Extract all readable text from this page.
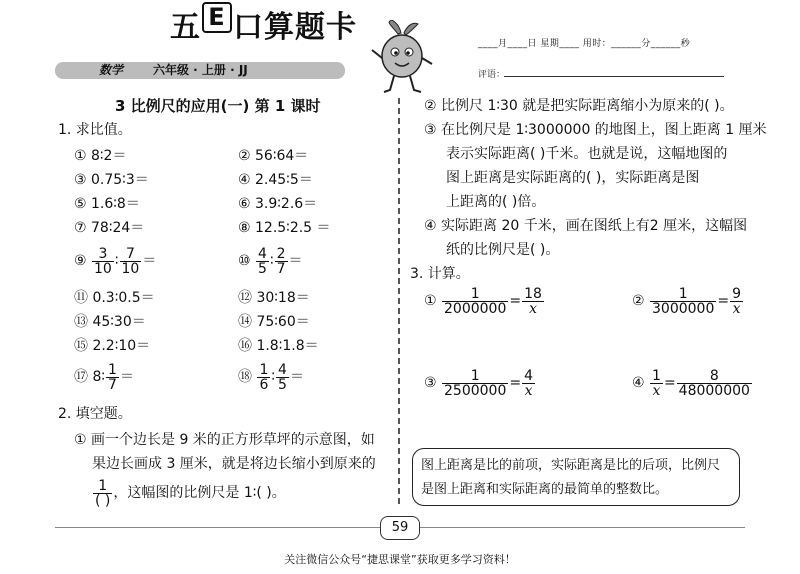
五 E 口算题卡
数学 六年级 · 上册 · JJ
____月____日 星期____ 用时：______分______秒
评语：
3 比例尺的应用(一) 第 1 课时
1. 求比值。
① 8∶2＝	② 56∶64＝
③ 0.75∶3＝	④ 2.45∶5＝
⑤ 1.6∶8＝	⑥ 3.9∶2.6＝
⑦ 78∶24＝	⑧ 12.5∶2.5 ＝
⑨ $\frac{3}{10}$ ∶ $\frac{7}{10}$ ＝	⑩ $\frac{4}{5}$ ∶ $\frac{2}{7}$ ＝
⑪ 0.3∶0.5＝	⑫ 30∶18＝
⑬ 45∶30＝	⑭ 75∶60＝
⑮ 2.2∶10＝	⑯ 1.8∶1.8＝
⑰ 8∶ $\frac{1}{7}$ ＝	⑱ $\frac{1}{6}$ ∶ $\frac{4}{5}$ ＝
2. 填空题。
① 画一个边长是 9 米的正方形草坪的示意图，如
果边长画成 3 厘米，就是将边长缩小到原来的
$\frac{1}{( )}$ ，这幅图的比例尺是 1∶( )。
② 比例尺 1∶30 就是把实际距离缩小为原来的( )。
③ 在比例尺是 1∶3000000 的地图上，图上距离 1 厘米
表示实际距离( )千米。也就是说，这幅地图的
图上距离是实际距离的( )，实际距离是图
上距离的( )倍。
④ 实际距离 20 千米，画在图纸上有2 厘米，这幅图
纸的比例尺是( )。
3. 计算。
① $\frac{1}{2000000} = \frac{18}{x}$	② $\frac{1}{3000000} = \frac{9}{x}$
③ $\frac{1}{2500000} = \frac{4}{x}$	④ $\frac{1}{x} = \frac{8}{48000000}$
图上距离是比的前项，实际距离是比的后项，比例尺是图上距离和实际距离的最简单的整数比。
59
关注微信公众号“捷思课堂”获取更多学习资料！
